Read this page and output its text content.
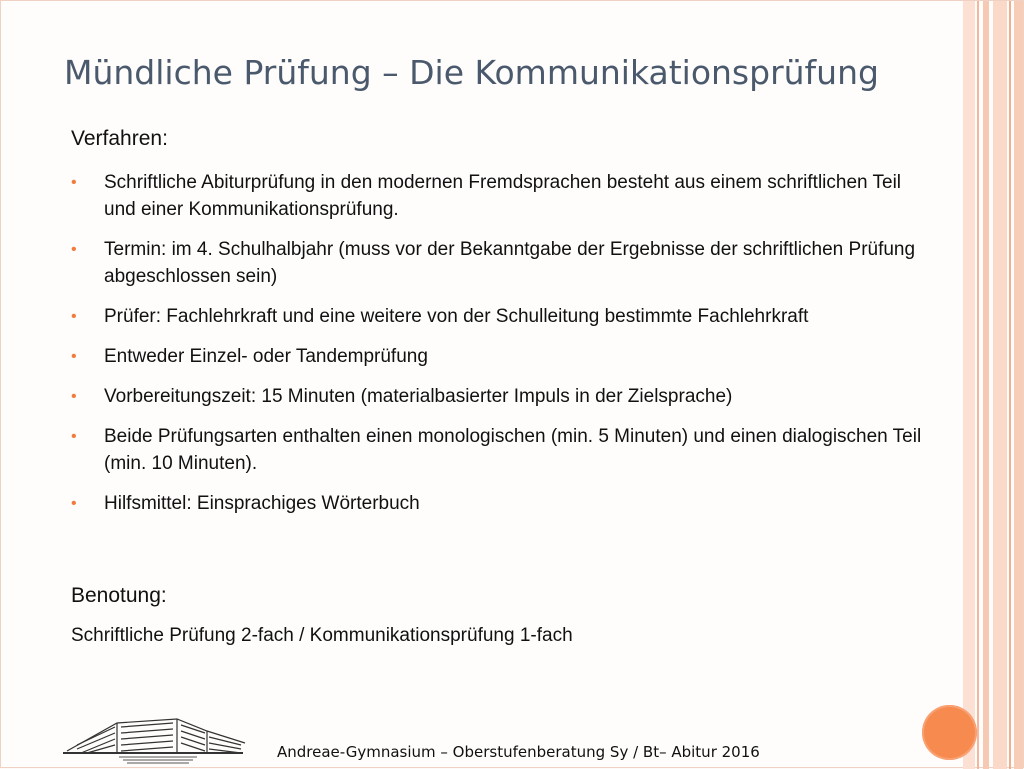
Mündliche Prüfung – Die Kommunikationsprüfung
Verfahren:
• Schriftliche Abiturprüfung in den modernen Fremdsprachen besteht aus einem schriftlichen Teil und einer Kommunikationsprüfung.
• Termin: im 4. Schulhalbjahr (muss vor der Bekanntgabe der Ergebnisse der schriftlichen Prüfung abgeschlossen sein)
• Prüfer: Fachlehrkraft und eine weitere von der Schulleitung bestimmte Fachlehrkraft
• Entweder Einzel- oder Tandemprüfung
• Vorbereitungszeit: 15 Minuten (materialbasierter Impuls in der Zielsprache)
• Beide Prüfungsarten enthalten einen monologischen (min. 5 Minuten) und einen dialogischen Teil (min. 10 Minuten).
• Hilfsmittel: Einsprachiges Wörterbuch
Benotung:
Schriftliche Prüfung 2-fach / Kommunikationsprüfung 1-fach
Andreae-Gymnasium – Oberstufenberatung Sy / Bt– Abitur 2016
